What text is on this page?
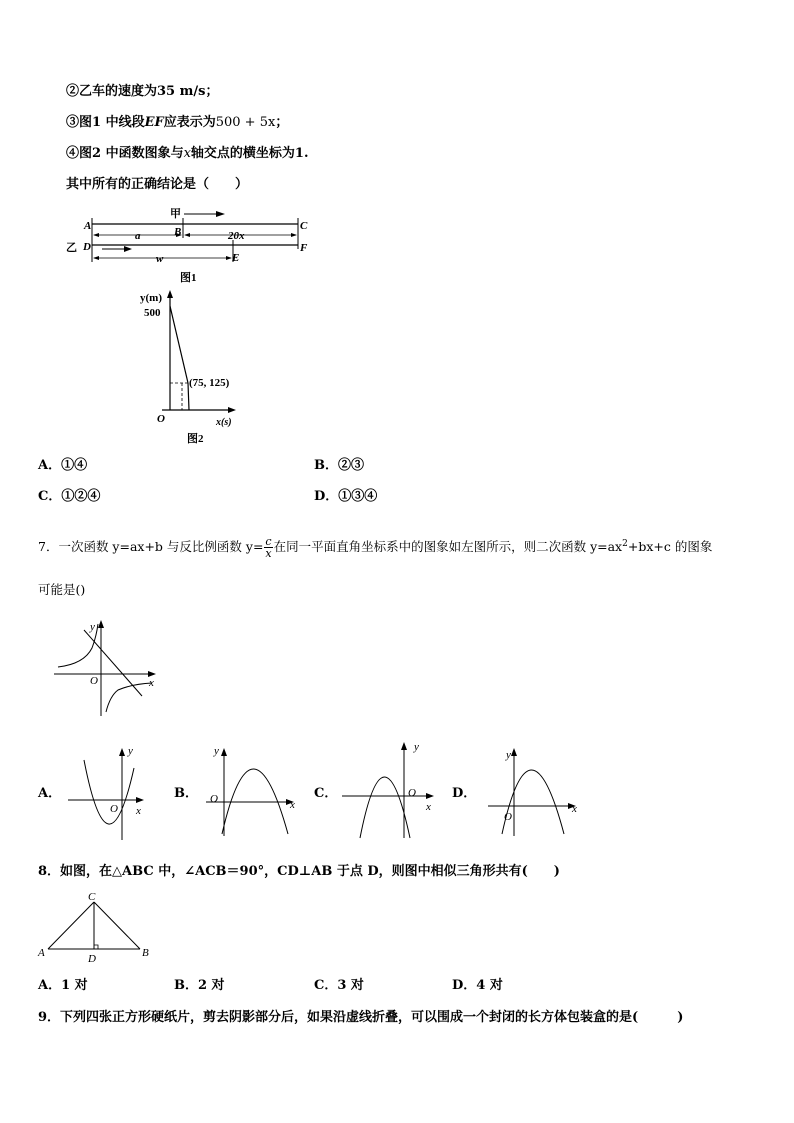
②乙车的速度为35 m/s；
③图1 中线段EF应表示为500 + 5x；
④图2 中函数图象与x轴交点的横坐标为1.
其中所有的正确结论是（　　）
A	B	C
D
E
F
甲
乙
a	20x
w
图1
y(m)
500
(75, 125)
O	x(s)
图2
A．①④	B．②③
C．①②④	D．①③④
7．一次函数 y=ax+b 与反比例函数 $y= \frac{c}{x}$ 在同一平面直角坐标系中的图象如左图所示，则二次函数 $y=ax^2+bx+c$ 的图象
可能是()
y
x
O
A．
y
x
O
B．
y
x
O	C．
y
x
O	D．
y
x
O
8．如图，在△ABC 中，∠ACB＝90°，CD⊥AB 于点 D，则图中相似三角形共有(　　)
C
A	B
D
A．1 对	B．2 对	C．3 对	D．4 对
9．下列四张正方形硬纸片，剪去阴影部分后，如果沿虚线折叠，可以围成一个封闭的长方体包装盒的是(　　　)
